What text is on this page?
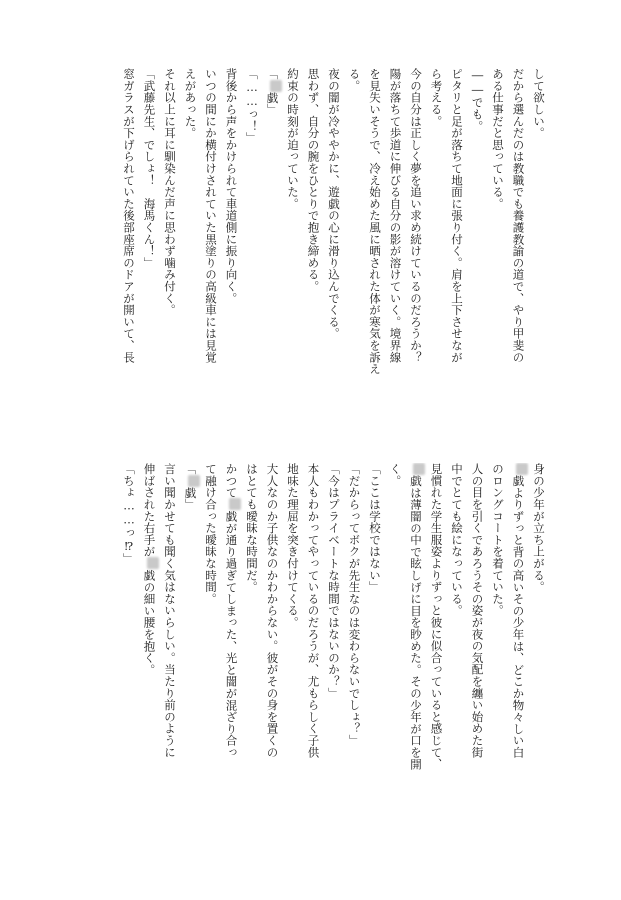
して欲しい。
だから選んだのは教職でも養護教諭の道で、やり甲斐の
ある仕事だと思っている。
――でも。
ピタリと足が落ちて地面に張り付く。肩を上下させなが
ら考える。
今の自分は正しく夢を追い求め続けているのだろうか？
陽が落ちて歩道に伸びる自分の影が溶けていく。境界線
を見失いそうで、冷え始めた風に晒された体が寒気を訴え
る。
夜の闇が冷ややかに、遊戯の心に滑り込んでくる。
思わず、自分の腕をひとりで抱き締める。
約束の時刻が迫っていた。
「戯」
「……っ！」
背後から声をかけられて車道側に振り向く。
いつの間にか横付けされていた黒塗りの高級車には見覚
えがあった。
それ以上に耳に馴染んだ声に思わず噛み付く。
「武藤先生、でしょ！　海馬くん！」
窓ガラスが下げられていた後部座席のドアが開いて、長
身の少年が立ち上がる。
戯よりずっと背の高いその少年は、どこか物々しい白
のロングコートを着ていた。
人の目を引くであろうその姿が夜の気配を纏い始めた街
中でとても絵になっている。
見慣れた学生服姿よりずっと彼に似合っていると感じて、
戯は薄闇の中で眩しげに目を眇めた。その少年が口を開
く。
「ここは学校ではない」
「だからってボクが先生なのは変わらないでしょ？」
「今はプライベートな時間ではないのか？」
本人もわかってやっているのだろうが、尤もらしく子供
地味た理屈を突き付けてくる。
大人なのか子供なのかわからない。彼がその身を置くの
はとても曖昧な時間だ。
かつて戯が通り過ぎてしまった、光と闇が混ざり合っ
て融け合った曖昧な時間。
「戯」
言い聞かせても聞く気はないらしい。当たり前のように
伸ばされた右手が戯の細い腰を抱く。
「ちょ……っ⁉」
